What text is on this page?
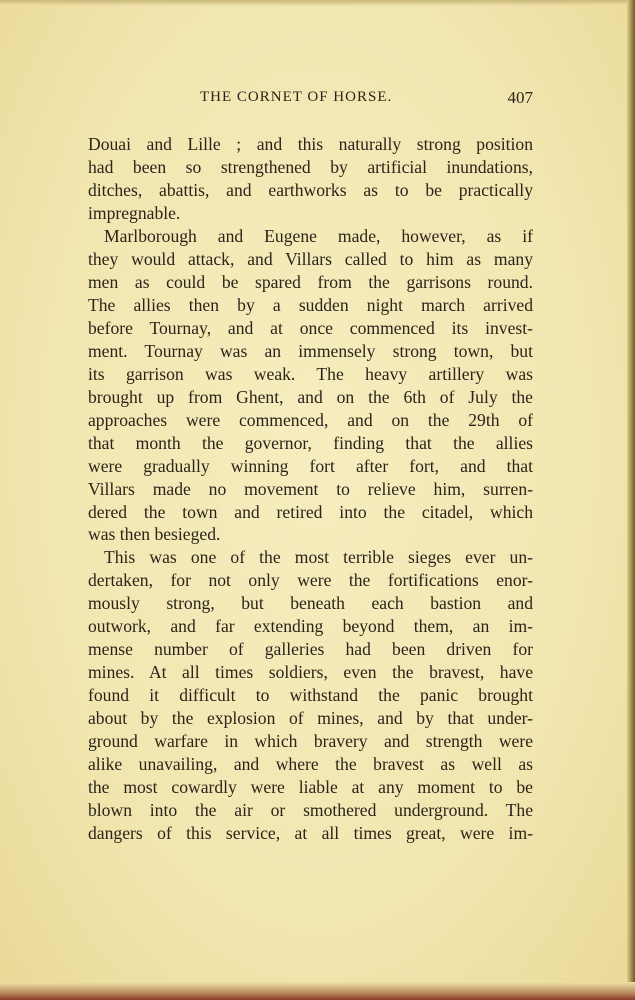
THE CORNET OF HORSE.	407
Douai and Lille ; and this naturally strong position
had been so strengthened by artificial inundations,
ditches, abattis, and earthworks as to be practically
impregnable.
Marlborough and Eugene made, however, as if
they would attack, and Villars called to him as many
men as could be spared from the garrisons round.
The allies then by a sudden night march arrived
before Tournay, and at once commenced its invest-
ment. Tournay was an immensely strong town, but
its garrison was weak. The heavy artillery was
brought up from Ghent, and on the 6th of July the
approaches were commenced, and on the 29th of
that month the governor, finding that the allies
were gradually winning fort after fort, and that
Villars made no movement to relieve him, surren-
dered the town and retired into the citadel, which
was then besieged.
This was one of the most terrible sieges ever un-
dertaken, for not only were the fortifications enor-
mously strong, but beneath each bastion and
outwork, and far extending beyond them, an im-
mense number of galleries had been driven for
mines. At all times soldiers, even the bravest, have
found it difficult to withstand the panic brought
about by the explosion of mines, and by that under-
ground warfare in which bravery and strength were
alike unavailing, and where the bravest as well as
the most cowardly were liable at any moment to be
blown into the air or smothered underground. The
dangers of this service, at all times great, were im-
